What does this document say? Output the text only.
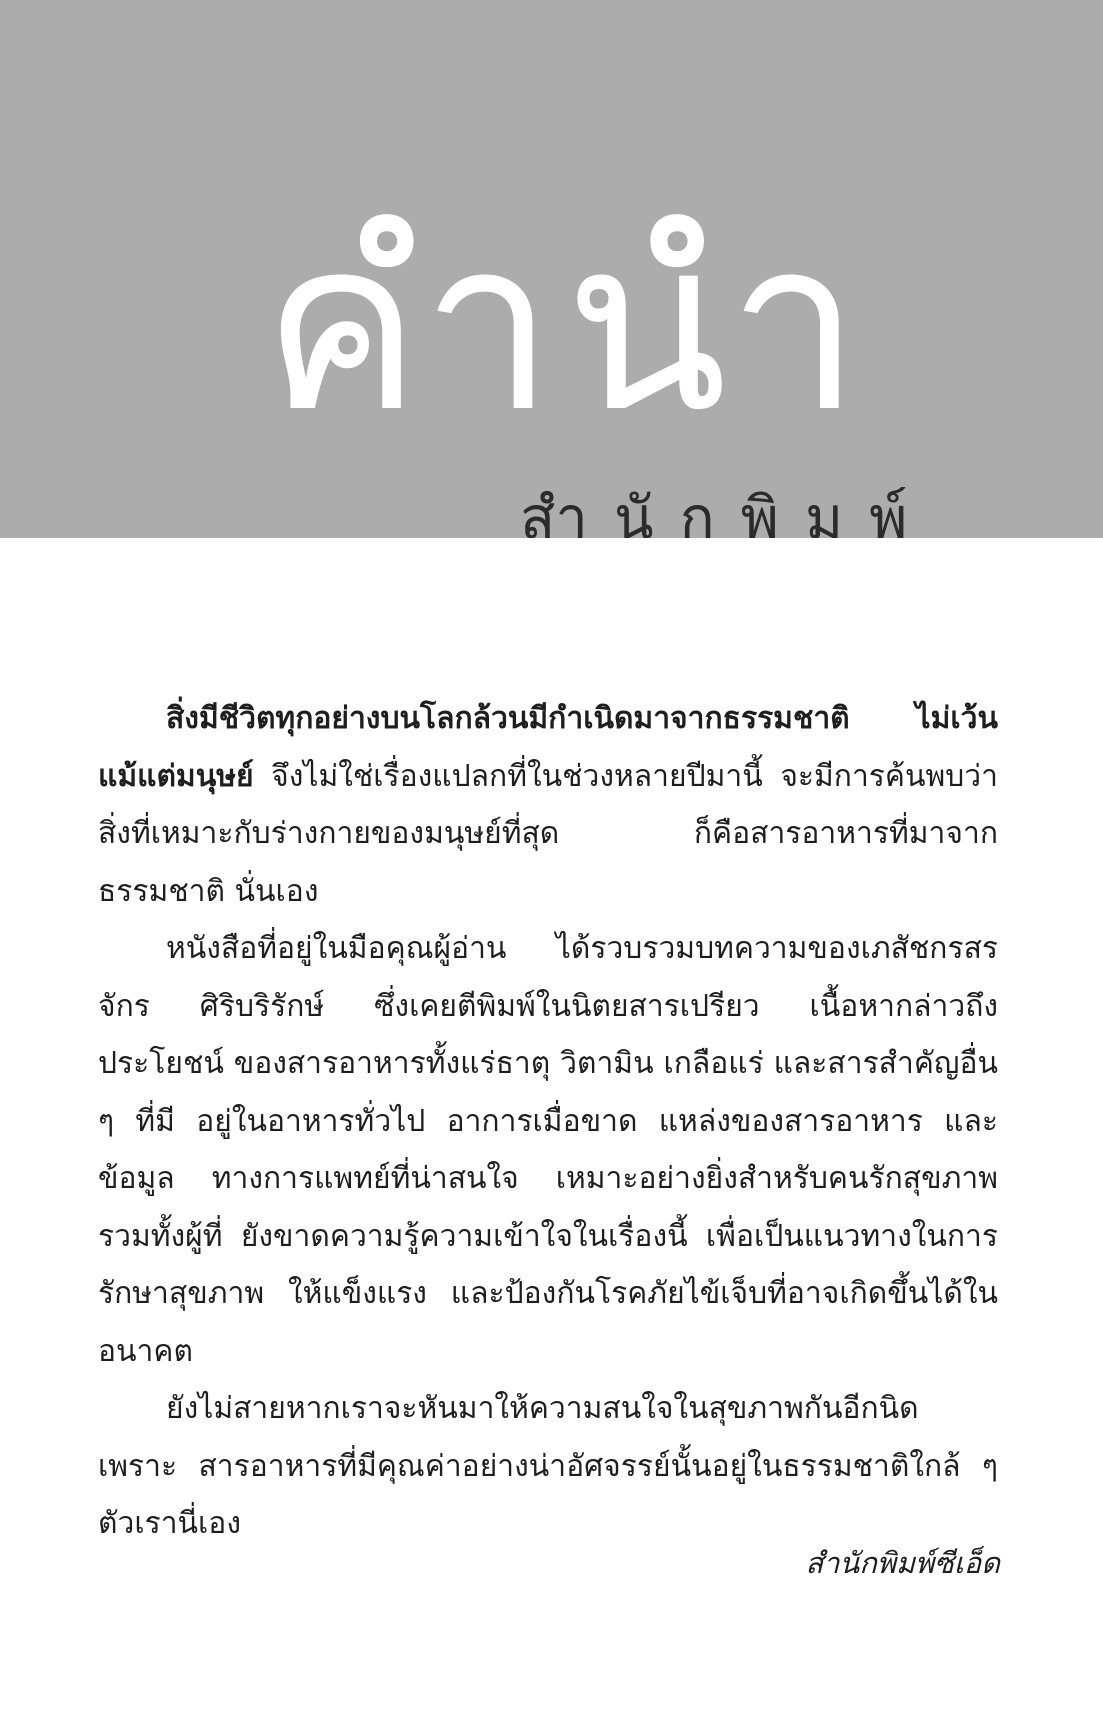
คำนำ
สำนักพิมพ์

สิ่งมีชีวิตทุกอย่างบนโลกล้วนมีกำเนิดมาจากธรรมชาติ ไม่เว้นแม้แต่มนุษย์ จึงไม่ใช่เรื่องแปลกที่ในช่วงหลายปีมานี้ จะมีการค้นพบว่า สิ่งที่เหมาะกับร่างกายของมนุษย์ที่สุด ก็คือสารอาหารที่มาจากธรรมชาติ นั่นเอง

หนังสือที่อยู่ในมือคุณผู้อ่าน ได้รวบรวมบทความของเภสัชกรสรจักร ศิริบริรักษ์ ซึ่งเคยตีพิมพ์ในนิตยสารเปรียว เนื้อหากล่าวถึงประโยชน์ ของสารอาหารทั้งแร่ธาตุ วิตามิน เกลือแร่ และสารสำคัญอื่น ๆ ที่มี อยู่ในอาหารทั่วไป อาการเมื่อขาด แหล่งของสารอาหาร และข้อมูล ทางการแพทย์ที่น่าสนใจ เหมาะอย่างยิ่งสำหรับคนรักสุขภาพ รวมทั้งผู้ที่ ยังขาดความรู้ความเข้าใจในเรื่องนี้ เพื่อเป็นแนวทางในการรักษาสุขภาพ ให้แข็งแรง และป้องกันโรคภัยไข้เจ็บที่อาจเกิดขึ้นได้ในอนาคต

ยังไม่สายหากเราจะหันมาให้ความสนใจในสุขภาพกันอีกนิด เพราะ สารอาหารที่มีคุณค่าอย่างน่าอัศจรรย์นั้นอยู่ในธรรมชาติใกล้ ๆ ตัวเรานี่เอง

สำนักพิมพ์ซีเอ็ด
